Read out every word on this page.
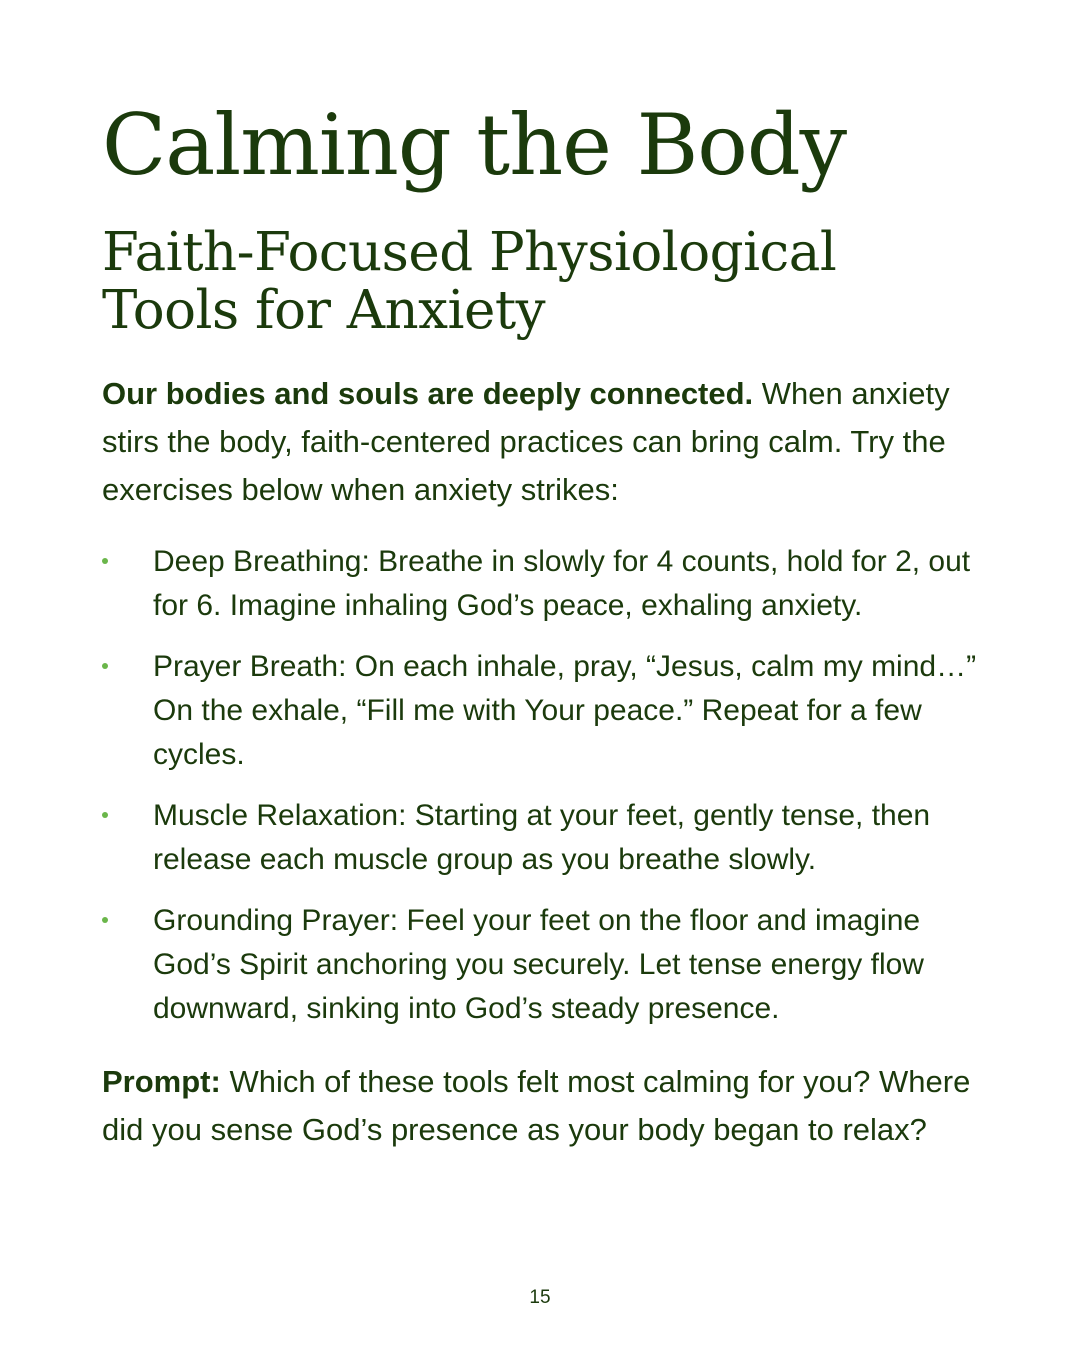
Calming the Body
Faith-Focused Physiological Tools for Anxiety

Our bodies and souls are deeply connected. When anxiety stirs the body, faith-centered practices can bring calm. Try the exercises below when anxiety strikes:

Deep Breathing: Breathe in slowly for 4 counts, hold for 2, out for 6. Imagine inhaling God’s peace, exhaling anxiety.
Prayer Breath: On each inhale, pray, “Jesus, calm my mind…” On the exhale, “Fill me with Your peace.” Repeat for a few cycles.
Muscle Relaxation: Starting at your feet, gently tense, then release each muscle group as you breathe slowly.
Grounding Prayer: Feel your feet on the floor and imagine God’s Spirit anchoring you securely. Let tense energy flow downward, sinking into God’s steady presence.

Prompt: Which of these tools felt most calming for you? Where did you sense God’s presence as your body began to relax?

15
